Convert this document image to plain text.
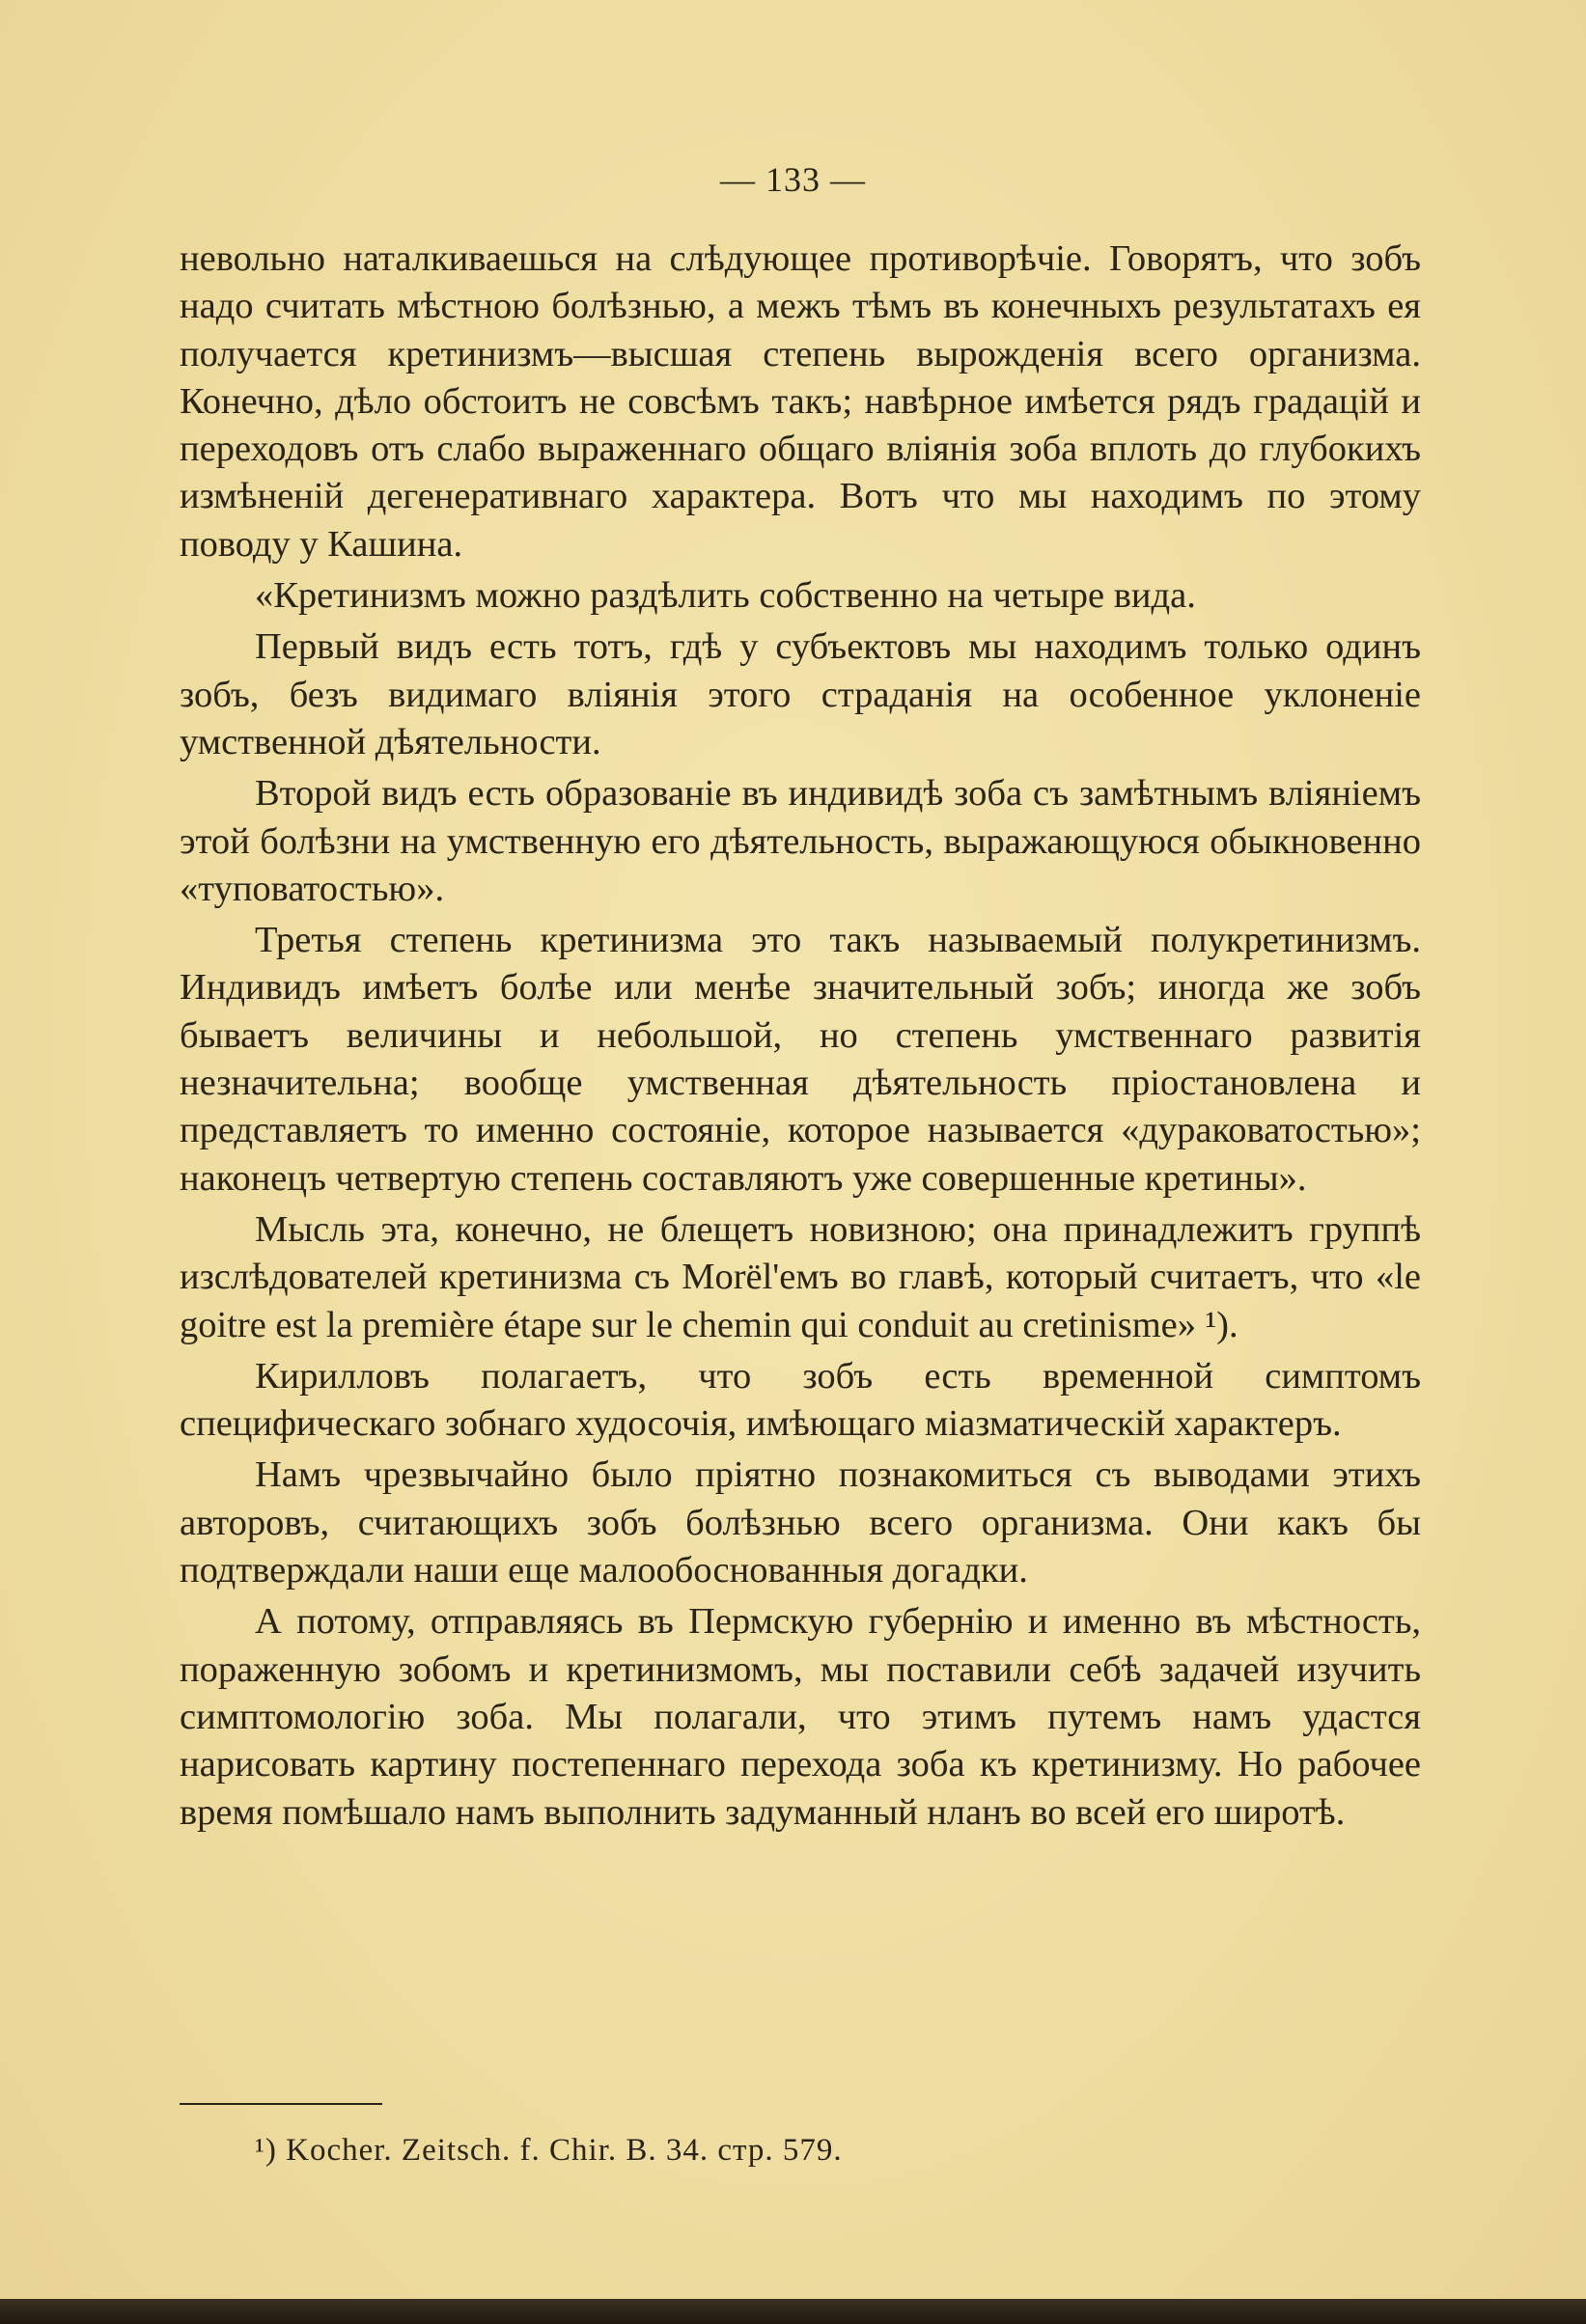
— 133 —

невольно наталкиваешься на слѣдующее противорѣчіе. Говорятъ, что зобъ надо считать мѣстною болѣзнью, а межъ тѣмъ въ конечныхъ результатахъ ея получается кретинизмъ—высшая степень вырожденія всего организма. Конечно, дѣло обстоитъ не совсѣмъ такъ; навѣрное имѣется рядъ градацій и переходовъ отъ слабо выраженнаго общаго вліянія зоба вплоть до глубокихъ измѣненій дегенеративнаго характера. Вотъ что мы находимъ по этому поводу у Кашина.

«Кретинизмъ можно раздѣлить собственно на четыре вида.

Первый видъ есть тотъ, гдѣ у субъектовъ мы находимъ только одинъ зобъ, безъ видимаго вліянія этого страданія на особенное уклоненіе умственной дѣятельности.

Второй видъ есть образованіе въ индивидѣ зоба съ замѣтнымъ вліяніемъ этой болѣзни на умственную его дѣятельность, выражающуюся обыкновенно «туповатостью».

Третья степень кретинизма это такъ называемый полукретинизмъ. Индивидъ имѣетъ болѣе или менѣе значительный зобъ; иногда же зобъ бываетъ величины и небольшой, но степень умственнаго развитія незначительна; вообще умственная дѣятельность пріостановлена и представляетъ то именно состояніе, которое называется «дураковатостью»; наконецъ четвертую степень составляютъ уже совершенные кретины».

Мысль эта, конечно, не блещетъ новизною; она принадлежитъ группѣ изслѣдователей кретинизма съ Morël'емъ во главѣ, который считаетъ, что «le goitre est la première étape sur le chemin qui conduit au cretinisme» ¹).

Кирилловъ полагаетъ, что зобъ есть временной симптомъ специфическаго зобнаго худосочія, имѣющаго міазматическій характеръ.

Намъ чрезвычайно было пріятно познакомиться съ выводами этихъ авторовъ, считающихъ зобъ болѣзнью всего организма. Они какъ бы подтверждали наши еще малообоснованныя догадки.

А потому, отправляясь въ Пермскую губернію и именно въ мѣстность, пораженную зобомъ и кретинизмомъ, мы поставили себѣ задачей изучить симптомологію зоба. Мы полагали, что этимъ путемъ намъ удастся нарисовать картину постепеннаго перехода зоба къ кретинизму. Но рабочее время помѣшало намъ выполнить задуманный нланъ во всей его широтѣ.

¹) Kocher. Zeitsch. f. Chir. B. 34. стр. 579.
